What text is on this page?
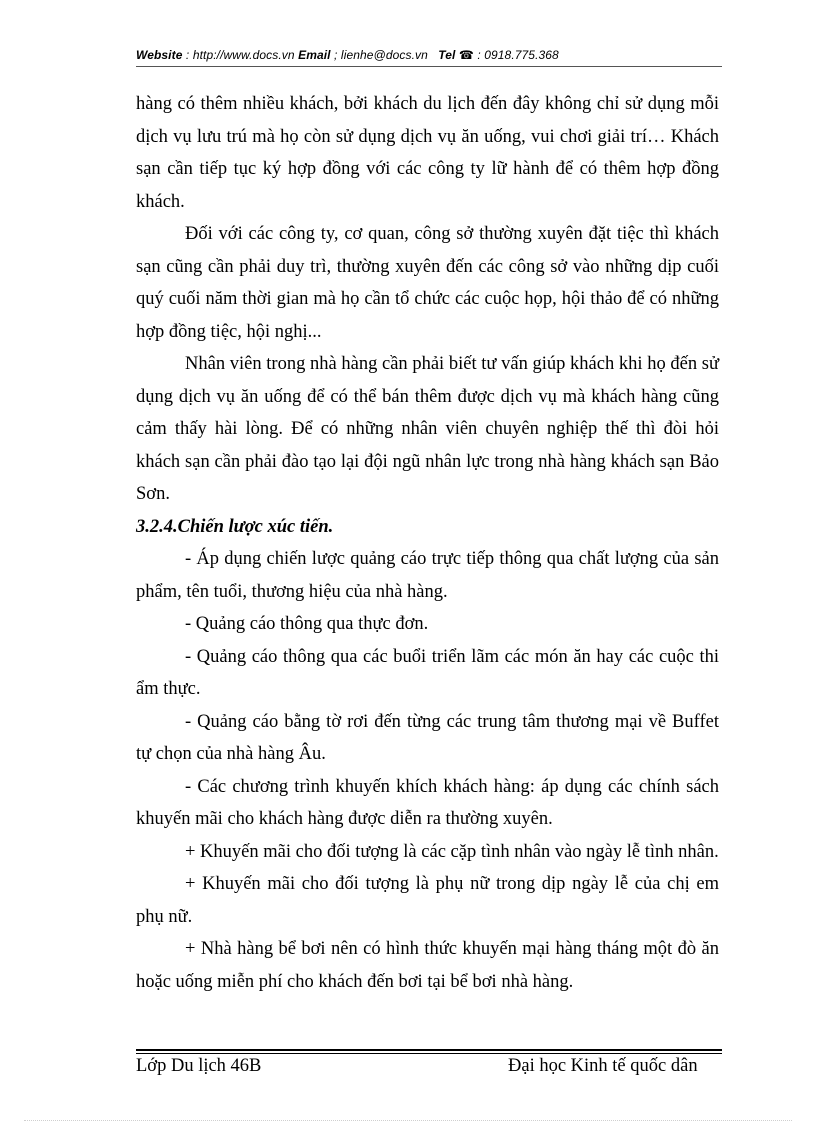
Website : http://www.docs.vn Email ; lienhe@docs.vn Tel ☎ : 0918.775.368

hàng có thêm nhiều khách, bởi khách du lịch đến đây không chỉ sử dụng mỗi dịch vụ lưu trú mà họ còn sử dụng dịch vụ ăn uống, vui chơi giải trí… Khách sạn cần tiếp tục ký hợp đồng với các công ty lữ hành để có thêm hợp đồng khách.

Đối với các công ty, cơ quan, công sở thường xuyên đặt tiệc thì khách sạn cũng cần phải duy trì, thường xuyên đến các công sở vào những dịp cuối quý cuối năm thời gian mà họ cần tổ chức các cuộc họp, hội thảo để có những hợp đồng tiệc, hội nghị...

Nhân viên trong nhà hàng cần phải biết tư vấn giúp khách khi họ đến sử dụng dịch vụ ăn uống để có thể bán thêm được dịch vụ mà khách hàng cũng cảm thấy hài lòng. Để có những nhân viên chuyên nghiệp thế thì đòi hỏi khách sạn cần phải đào tạo lại đội ngũ nhân lực trong nhà hàng khách sạn Bảo Sơn.

3.2.4.Chiến lược xúc tiến.

- Áp dụng chiến lược quảng cáo trực tiếp thông qua chất lượng của sản phẩm, tên tuổi, thương hiệu của nhà hàng.

- Quảng cáo thông qua thực đơn.

- Quảng cáo thông qua các buổi triển lãm các món ăn hay các cuộc thi ẩm thực.

- Quảng cáo bằng tờ rơi đến từng các trung tâm thương mại về Buffet tự chọn của nhà hàng Âu.

- Các chương trình khuyến khích khách hàng: áp dụng các chính sách khuyến mãi cho khách hàng được diễn ra thường xuyên.

+ Khuyến mãi cho đối tượng là các cặp tình nhân vào ngày lễ tình nhân.

+ Khuyến mãi cho đối tượng là phụ nữ trong dịp ngày lễ của chị em phụ nữ.

+ Nhà hàng bể bơi nên có hình thức khuyến mại hàng tháng một đò ăn hoặc uống miễn phí cho khách đến bơi tại bể bơi nhà hàng.

Lớp Du lịch 46B	Đại học Kinh tế quốc dân
